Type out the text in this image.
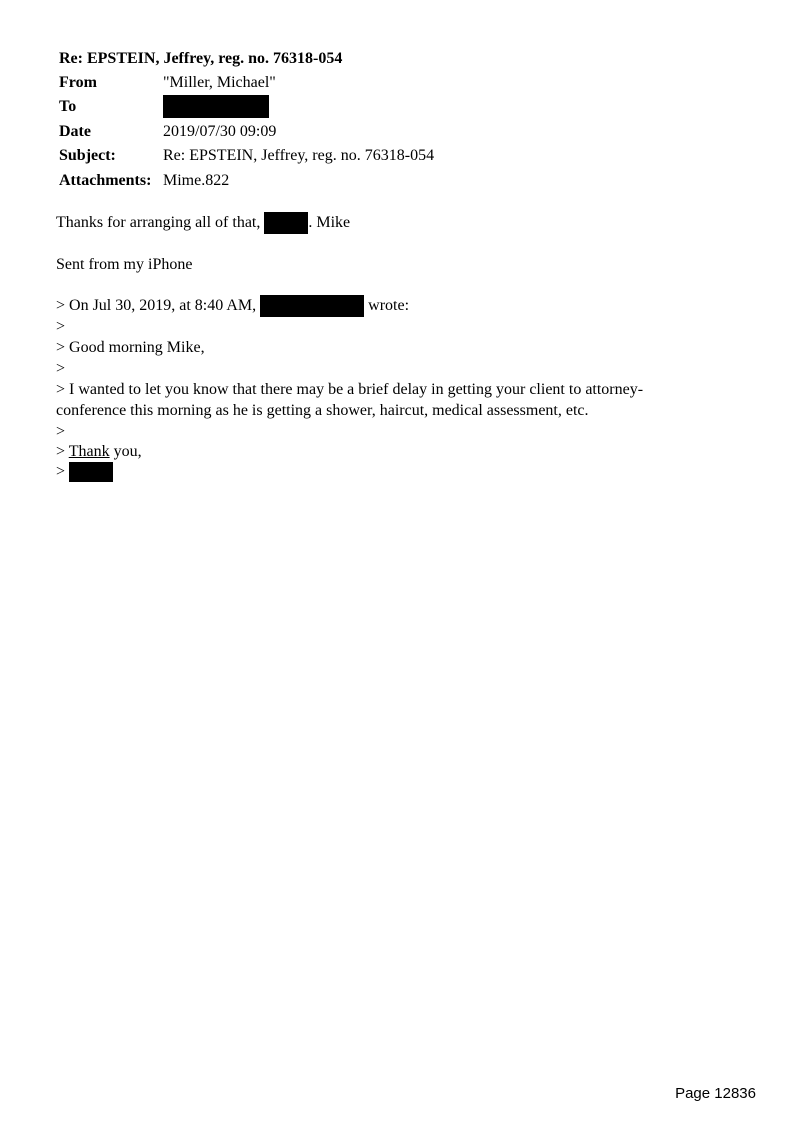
Re: EPSTEIN, Jeffrey, reg. no. 76318-054
From	"Miller, Michael"
To
Date	2019/07/30 09:09
Subject:	Re: EPSTEIN, Jeffrey, reg. no. 76318-054
Attachments: Mime.822
Thanks for arranging all of that,	. Mike
Sent from my iPhone
> On Jul 30, 2019, at 8:40 AM,	wrote:
>
> Good morning Mike,
>
> I wanted to let you know that there may be a brief delay in getting your client to attorney-
conference this morning as he is getting a shower, haircut, medical assessment, etc.
>
> Thank you,
>
Page 12836
